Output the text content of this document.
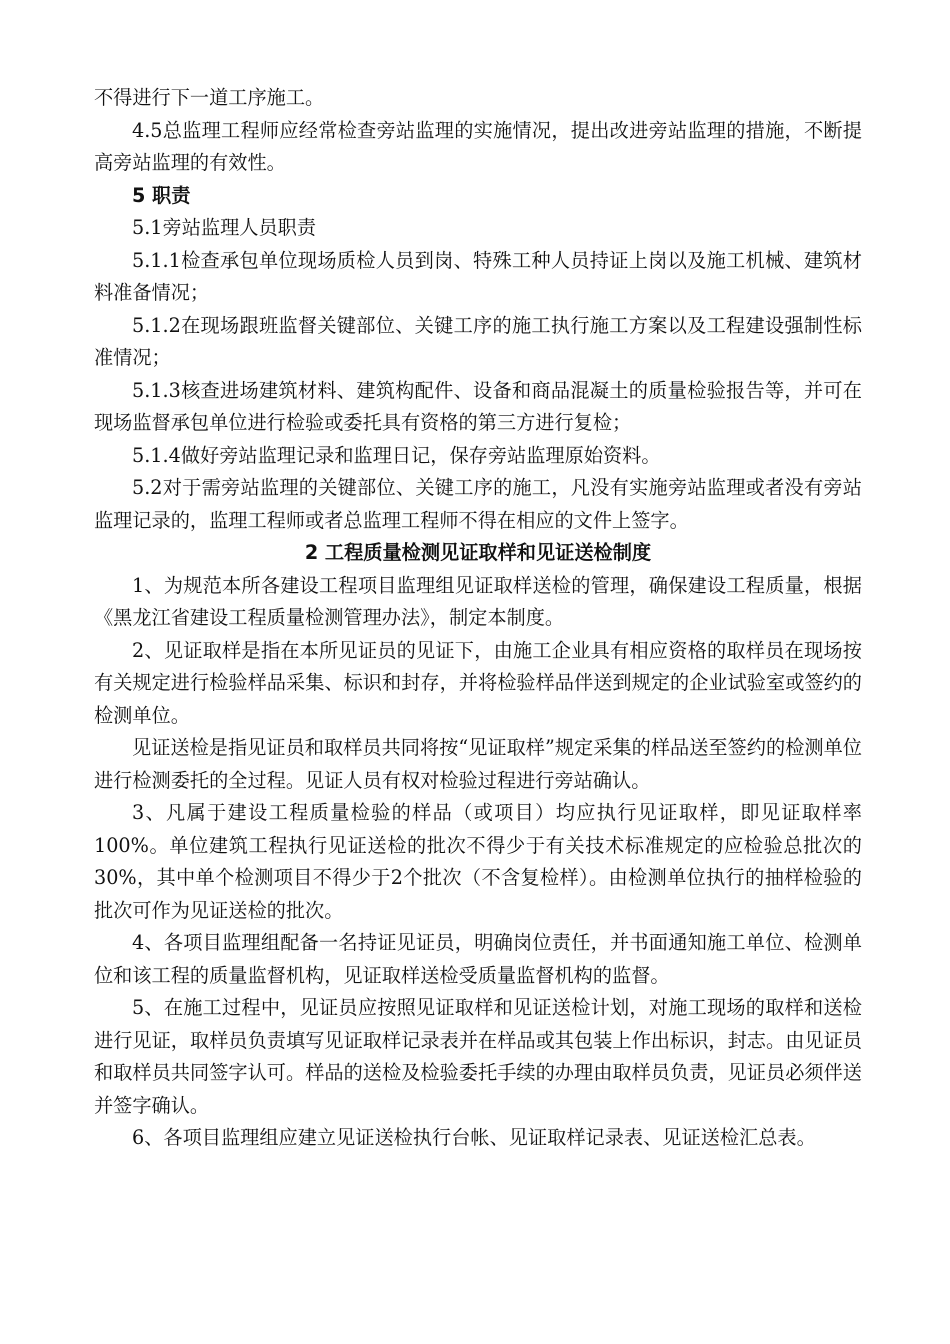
不得进行下一道工序施工。

4.5总监理工程师应经常检查旁站监理的实施情况，提出改进旁站监理的措施，不断提高旁站监理的有效性。

5 职责

5.1旁站监理人员职责

5.1.1检查承包单位现场质检人员到岗、特殊工种人员持证上岗以及施工机械、建筑材料准备情况；

5.1.2在现场跟班监督关键部位、关键工序的施工执行施工方案以及工程建设强制性标准情况；

5.1.3核查进场建筑材料、建筑构配件、设备和商品混凝土的质量检验报告等，并可在现场监督承包单位进行检验或委托具有资格的第三方进行复检；

5.1.4做好旁站监理记录和监理日记，保存旁站监理原始资料。

5.2对于需旁站监理的关键部位、关键工序的施工，凡没有实施旁站监理或者没有旁站监理记录的，监理工程师或者总监理工程师不得在相应的文件上签字。

2 工程质量检测见证取样和见证送检制度

1、为规范本所各建设工程项目监理组见证取样送检的管理，确保建设工程质量，根据《黑龙江省建设工程质量检测管理办法》，制定本制度。

2、见证取样是指在本所见证员的见证下，由施工企业具有相应资格的取样员在现场按有关规定进行检验样品采集、标识和封存，并将检验样品伴送到规定的企业试验室或签约的检测单位。

见证送检是指见证员和取样员共同将按“见证取样”规定采集的样品送至签约的检测单位进行检测委托的全过程。见证人员有权对检验过程进行旁站确认。

3、凡属于建设工程质量检验的样品（或项目）均应执行见证取样，即见证取样率100%。单位建筑工程执行见证送检的批次不得少于有关技术标准规定的应检验总批次的30%，其中单个检测项目不得少于2个批次（不含复检样）。由检测单位执行的抽样检验的批次可作为见证送检的批次。

4、各项目监理组配备一名持证见证员，明确岗位责任，并书面通知施工单位、检测单位和该工程的质量监督机构，见证取样送检受质量监督机构的监督。

5、在施工过程中，见证员应按照见证取样和见证送检计划，对施工现场的取样和送检进行见证，取样员负责填写见证取样记录表并在样品或其包装上作出标识，封志。由见证员和取样员共同签字认可。样品的送检及检验委托手续的办理由取样员负责，见证员必须伴送并签字确认。

6、各项目监理组应建立见证送检执行台帐、见证取样记录表、见证送检汇总表。
